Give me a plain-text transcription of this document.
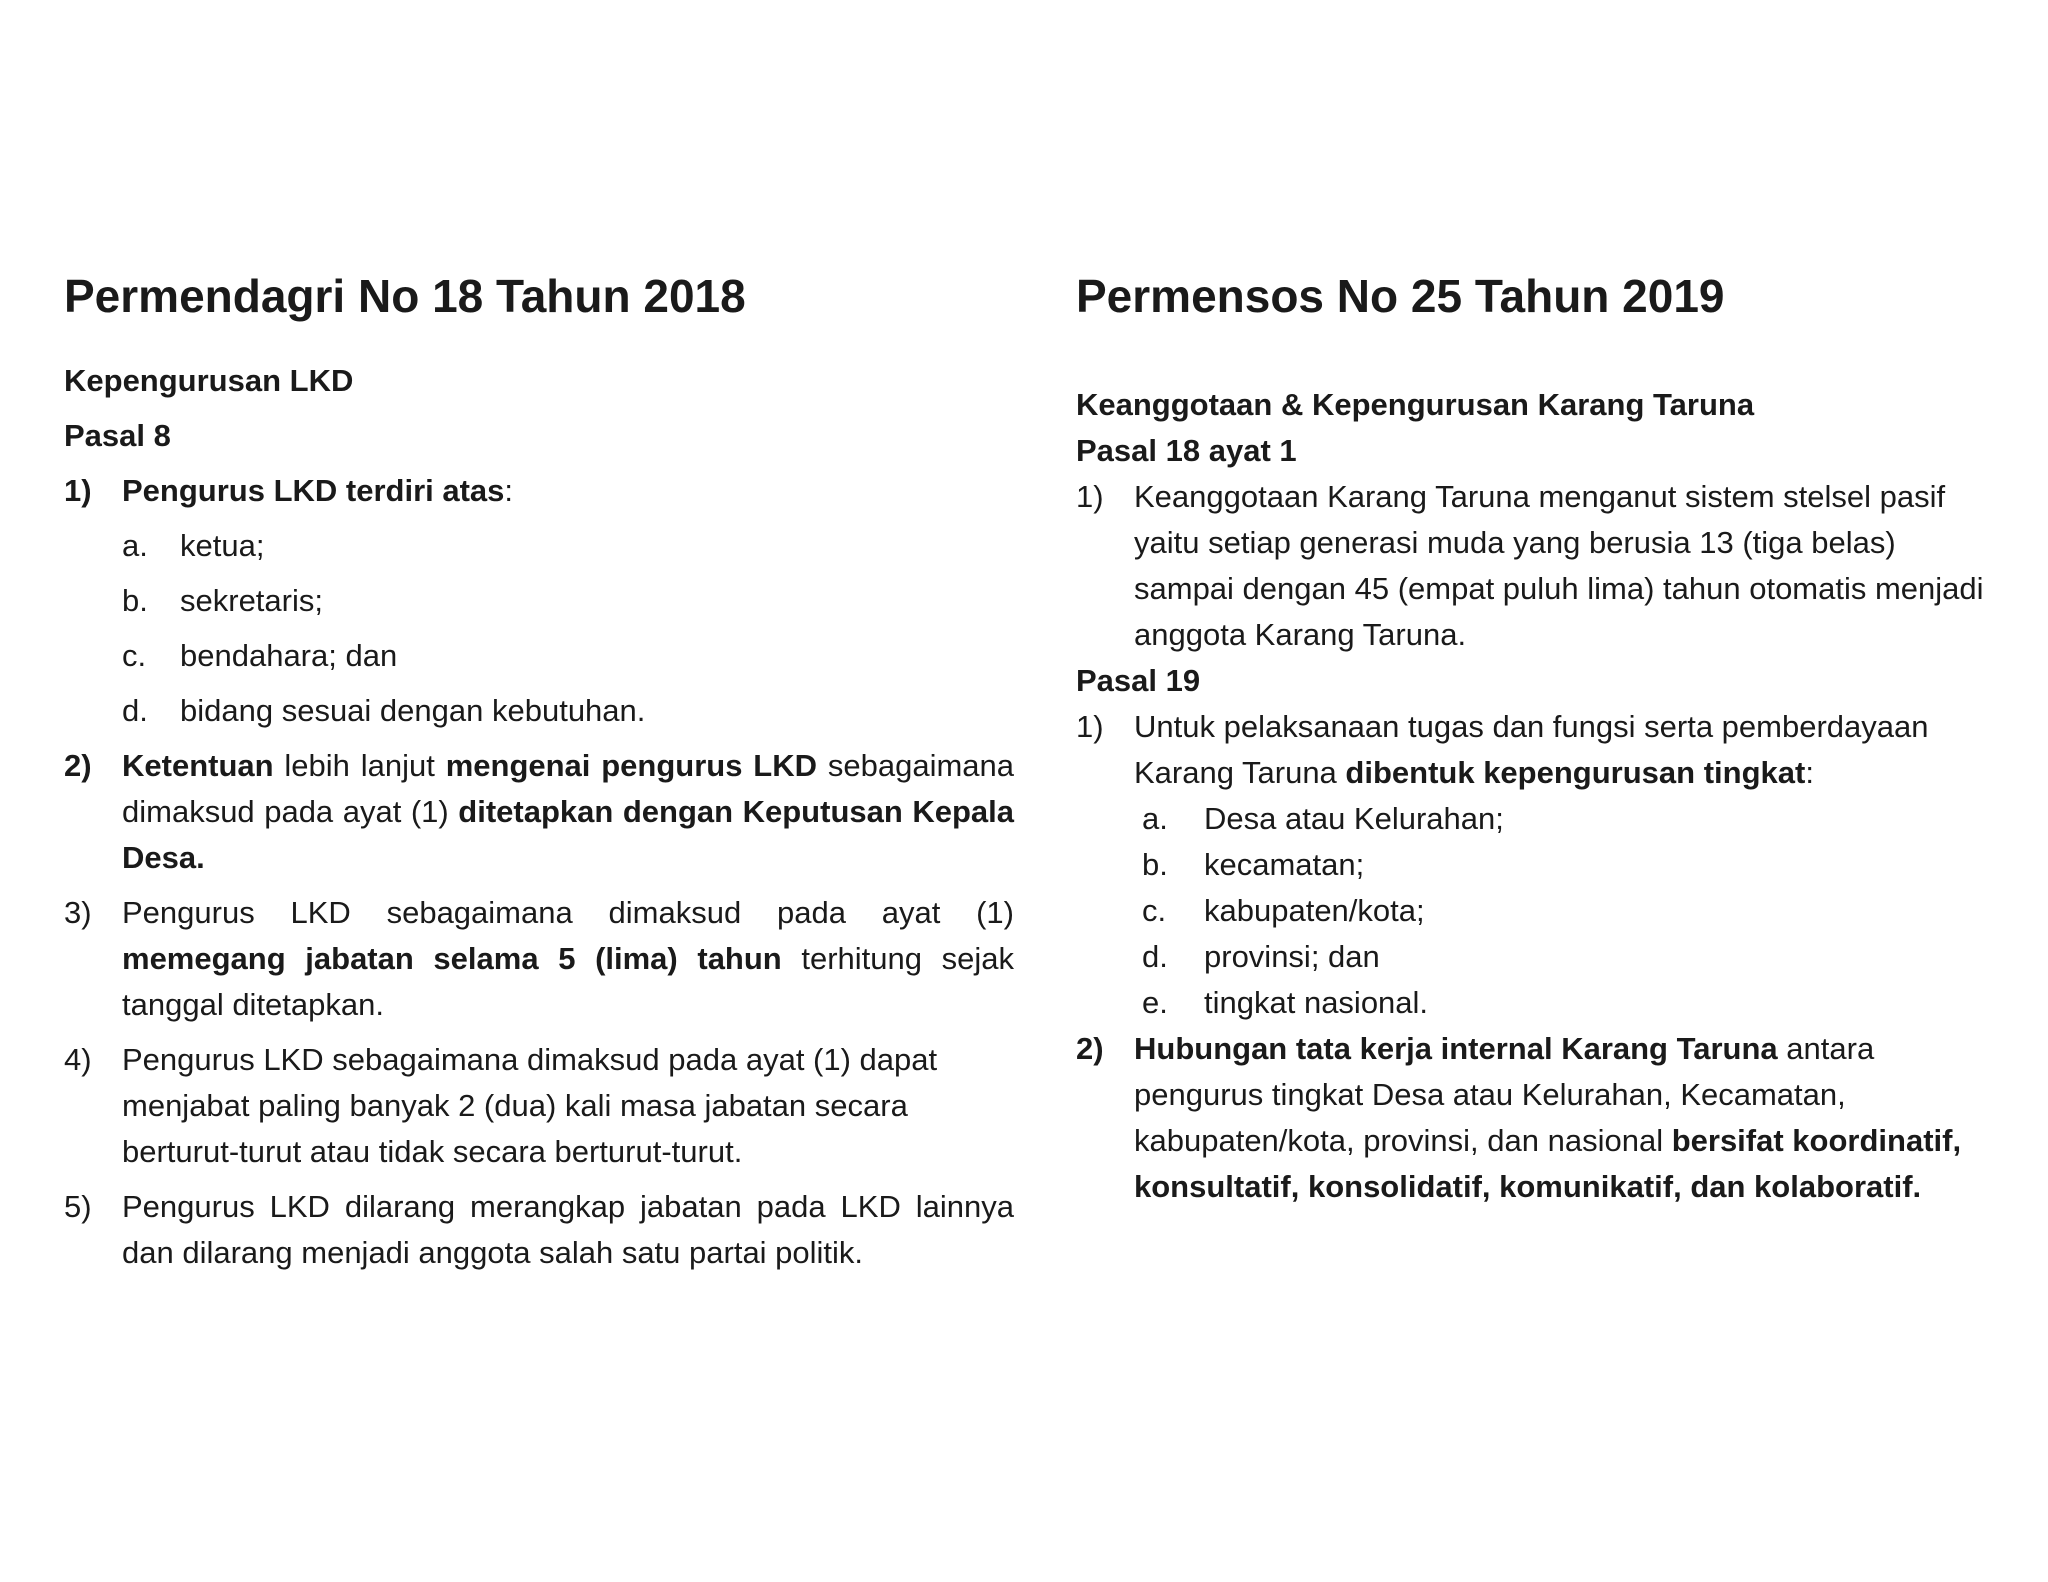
Permendagri No 18 Tahun 2018
Kepengurusan LKD
Pasal 8
1) Pengurus LKD terdiri atas:
a. ketua;
b. sekretaris;
c. bendahara; dan
d. bidang sesuai dengan kebutuhan.
2) Ketentuan lebih lanjut mengenai pengurus LKD sebagaimana dimaksud pada ayat (1) ditetapkan dengan Keputusan Kepala Desa.
3) Pengurus LKD sebagaimana dimaksud pada ayat (1) memegang jabatan selama 5 (lima) tahun terhitung sejak tanggal ditetapkan.
4) Pengurus LKD sebagaimana dimaksud pada ayat (1) dapat menjabat paling banyak 2 (dua) kali masa jabatan secara berturut-turut atau tidak secara berturut-turut.
5) Pengurus LKD dilarang merangkap jabatan pada LKD lainnya dan dilarang menjadi anggota salah satu partai politik.
Permensos No 25 Tahun 2019
Keanggotaan & Kepengurusan Karang Taruna
Pasal 18 ayat 1
1) Keanggotaan Karang Taruna menganut sistem stelsel pasif yaitu setiap generasi muda yang berusia 13 (tiga belas) sampai dengan 45 (empat puluh lima) tahun otomatis menjadi anggota Karang Taruna.
Pasal 19
1) Untuk pelaksanaan tugas dan fungsi serta pemberdayaan Karang Taruna dibentuk kepengurusan tingkat:
a. Desa atau Kelurahan;
b. kecamatan;
c. kabupaten/kota;
d. provinsi; dan
e. tingkat nasional.
2) Hubungan tata kerja internal Karang Taruna antara pengurus tingkat Desa atau Kelurahan, Kecamatan, kabupaten/kota, provinsi, dan nasional bersifat koordinatif, konsultatif, konsolidatif, komunikatif, dan kolaboratif.
